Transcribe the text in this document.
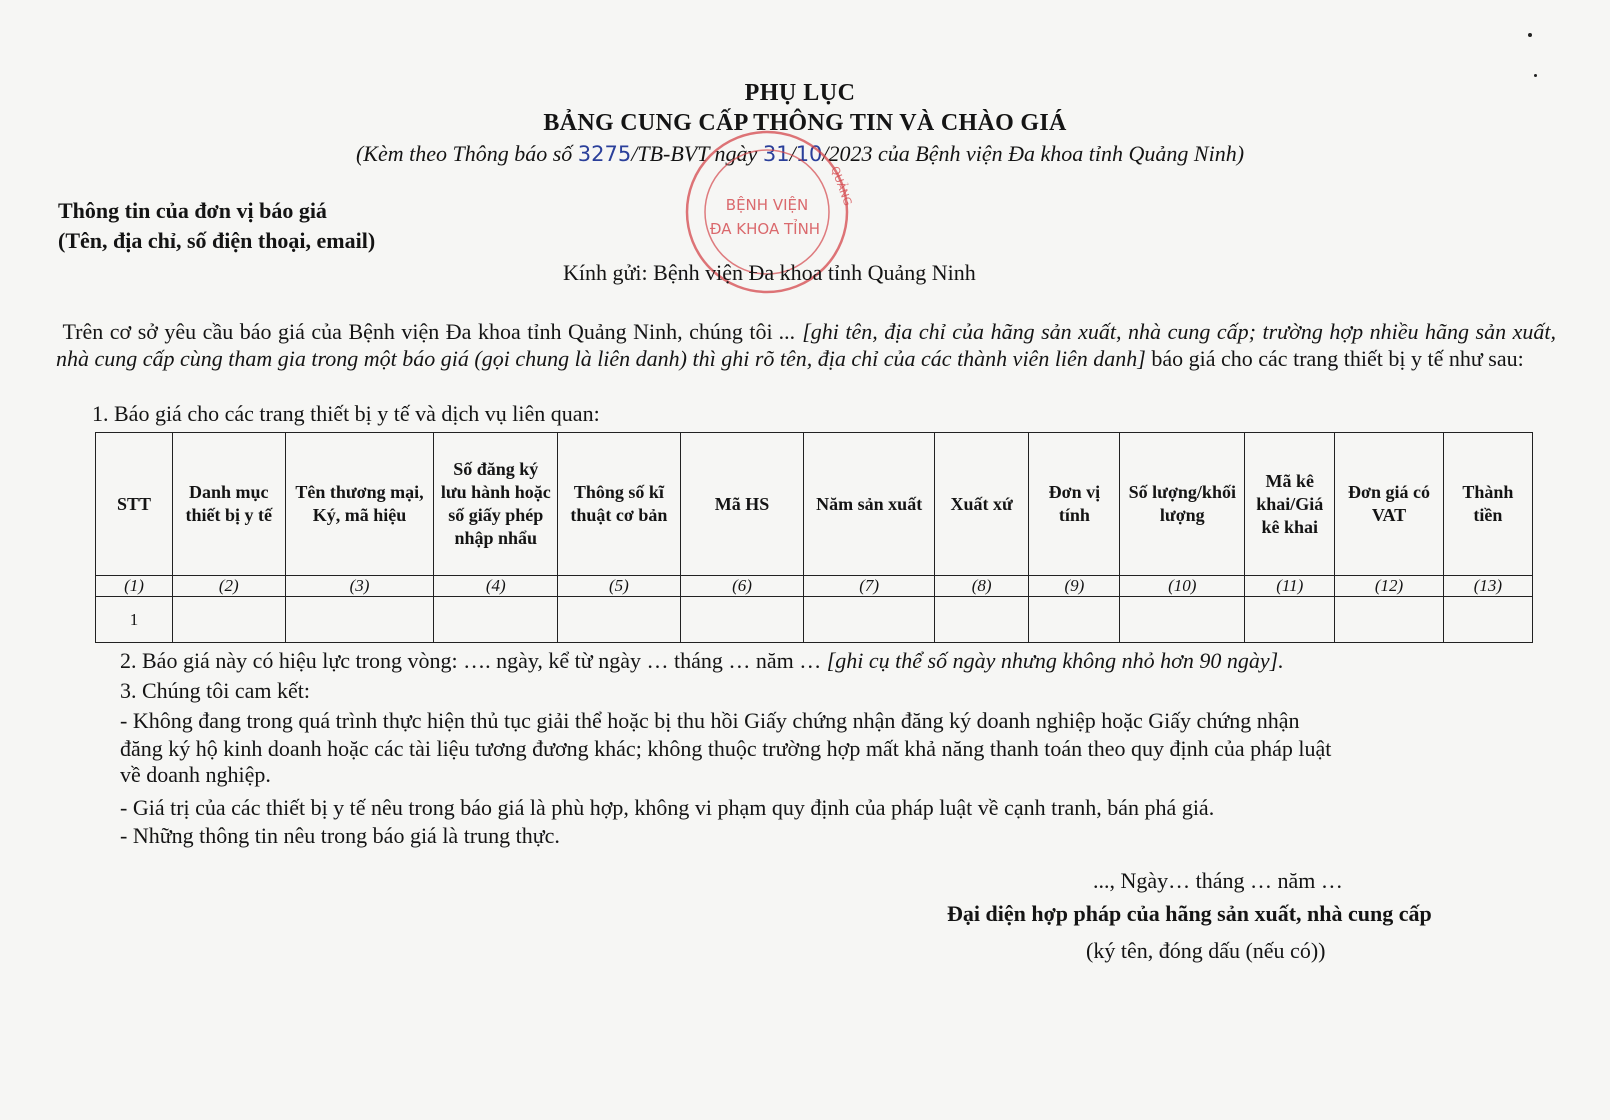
PHỤ LỤC
BẢNG CUNG CẤP THÔNG TIN VÀ CHÀO GIÁ
(Kèm theo Thông báo số 3275/TB-BVT ngày 31/10/2023 của Bệnh viện Đa khoa tỉnh Quảng Ninh)
Thông tin của đơn vị báo giá
(Tên, địa chỉ, số điện thoại, email)
BỆNH VIỆN
ĐA KHOA TỈNH
QUẢNG
Kính gửi: Bệnh viện Đa khoa tỉnh Quảng Ninh
Trên cơ sở yêu cầu báo giá của Bệnh viện Đa khoa tỉnh Quảng Ninh, chúng tôi ... [ghi tên, địa chỉ của hãng sản xuất, nhà cung cấp; trường hợp nhiều hãng sản xuất, nhà cung cấp cùng tham gia trong một báo giá (gọi chung là liên danh) thì ghi rõ tên, địa chỉ của các thành viên liên danh] báo giá cho các trang thiết bị y tế như sau:
1. Báo giá cho các trang thiết bị y tế và dịch vụ liên quan:
STT	Danh mục thiết bị y tế	Tên thương mại, Ký, mã hiệu	Số đăng ký lưu hành hoặc số giấy phép nhập nhẩu	Thông số kĩ thuật cơ bản	Mã HS	Năm sản xuất	Xuất xứ	Đơn vị tính	Số lượng/khối lượng	Mã kê khai/Giá kê khai	Đơn giá có VAT	Thành tiền
(1)	(2)	(3)	(4)	(5)	(6)	(7)	(8)	(9)	(10)	(11)	(12)	(13)
1												
2. Báo giá này có hiệu lực trong vòng: …. ngày, kể từ ngày … tháng … năm … [ghi cụ thể số ngày nhưng không nhỏ hơn 90 ngày].
3. Chúng tôi cam kết:
- Không đang trong quá trình thực hiện thủ tục giải thể hoặc bị thu hồi Giấy chứng nhận đăng ký doanh nghiệp hoặc Giấy chứng nhận
đăng ký hộ kinh doanh hoặc các tài liệu tương đương khác; không thuộc trường hợp mất khả năng thanh toán theo quy định của pháp luật
về doanh nghiệp.
- Giá trị của các thiết bị y tế nêu trong báo giá là phù hợp, không vi phạm quy định của pháp luật về cạnh tranh, bán phá giá.
- Những thông tin nêu trong báo giá là trung thực.
..., Ngày… tháng … năm …
Đại diện hợp pháp của hãng sản xuất, nhà cung cấp
(ký tên, đóng dấu (nếu có))
